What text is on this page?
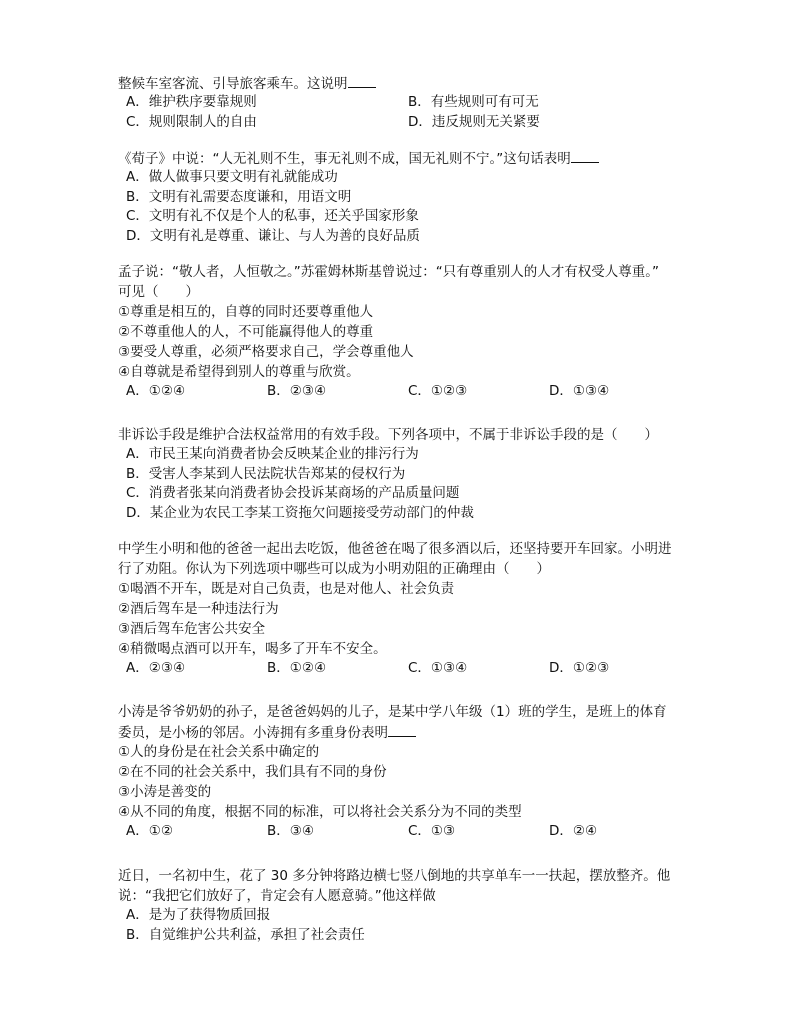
整候车室客流、引导旅客乘车。这说明
A．维护秩序要靠规则	B．有些规则可有可无
C．规则限制人的自由	D．违反规则无关紧要
《荀子》中说：“人无礼则不生，事无礼则不成，国无礼则不宁。”这句话表明
A．做人做事只要文明有礼就能成功
B．文明有礼需要态度谦和，用语文明
C．文明有礼不仅是个人的私事，还关乎国家形象
D．文明有礼是尊重、谦让、与人为善的良好品质
孟子说：“敬人者，人恒敬之。”苏霍姆林斯基曾说过：“只有尊重别人的人才有权受人尊重。”
可见（　　）
①尊重是相互的，自尊的同时还要尊重他人
②不尊重他人的人，不可能赢得他人的尊重
③要受人尊重，必须严格要求自己，学会尊重他人
④自尊就是希望得到别人的尊重与欣赏。
A．①②④	B．②③④	C．①②③	D．①③④
非诉讼手段是维护合法权益常用的有效手段。下列各项中，不属于非诉讼手段的是（　　）
A．市民王某向消费者协会反映某企业的排污行为
B．受害人李某到人民法院状告郑某的侵权行为
C．消费者张某向消费者协会投诉某商场的产品质量问题
D．某企业为农民工李某工资拖欠问题接受劳动部门的仲裁
中学生小明和他的爸爸一起出去吃饭，他爸爸在喝了很多酒以后，还坚持要开车回家。小明进
行了劝阻。你认为下列选项中哪些可以成为小明劝阻的正确理由（　　）
①喝酒不开车，既是对自己负责，也是对他人、社会负责
②酒后驾车是一种违法行为
③酒后驾车危害公共安全
④稍微喝点酒可以开车，喝多了开车不安全。
A．②③④	B．①②④	C．①③④	D．①②③
小涛是爷爷奶奶的孙子，是爸爸妈妈的儿子，是某中学八年级（1）班的学生，是班上的体育
委员，是小杨的邻居。小涛拥有多重身份表明
①人的身份是在社会关系中确定的
②在不同的社会关系中，我们具有不同的身份
③小涛是善变的
④从不同的角度，根据不同的标准，可以将社会关系分为不同的类型
A．①②	B．③④	C．①③	D．②④
近日，一名初中生，花了 30 多分钟将路边横七竖八倒地的共享单车一一扶起，摆放整齐。他
说：“我把它们放好了，肯定会有人愿意骑。”他这样做
A．是为了获得物质回报
B．自觉维护公共利益，承担了社会责任
